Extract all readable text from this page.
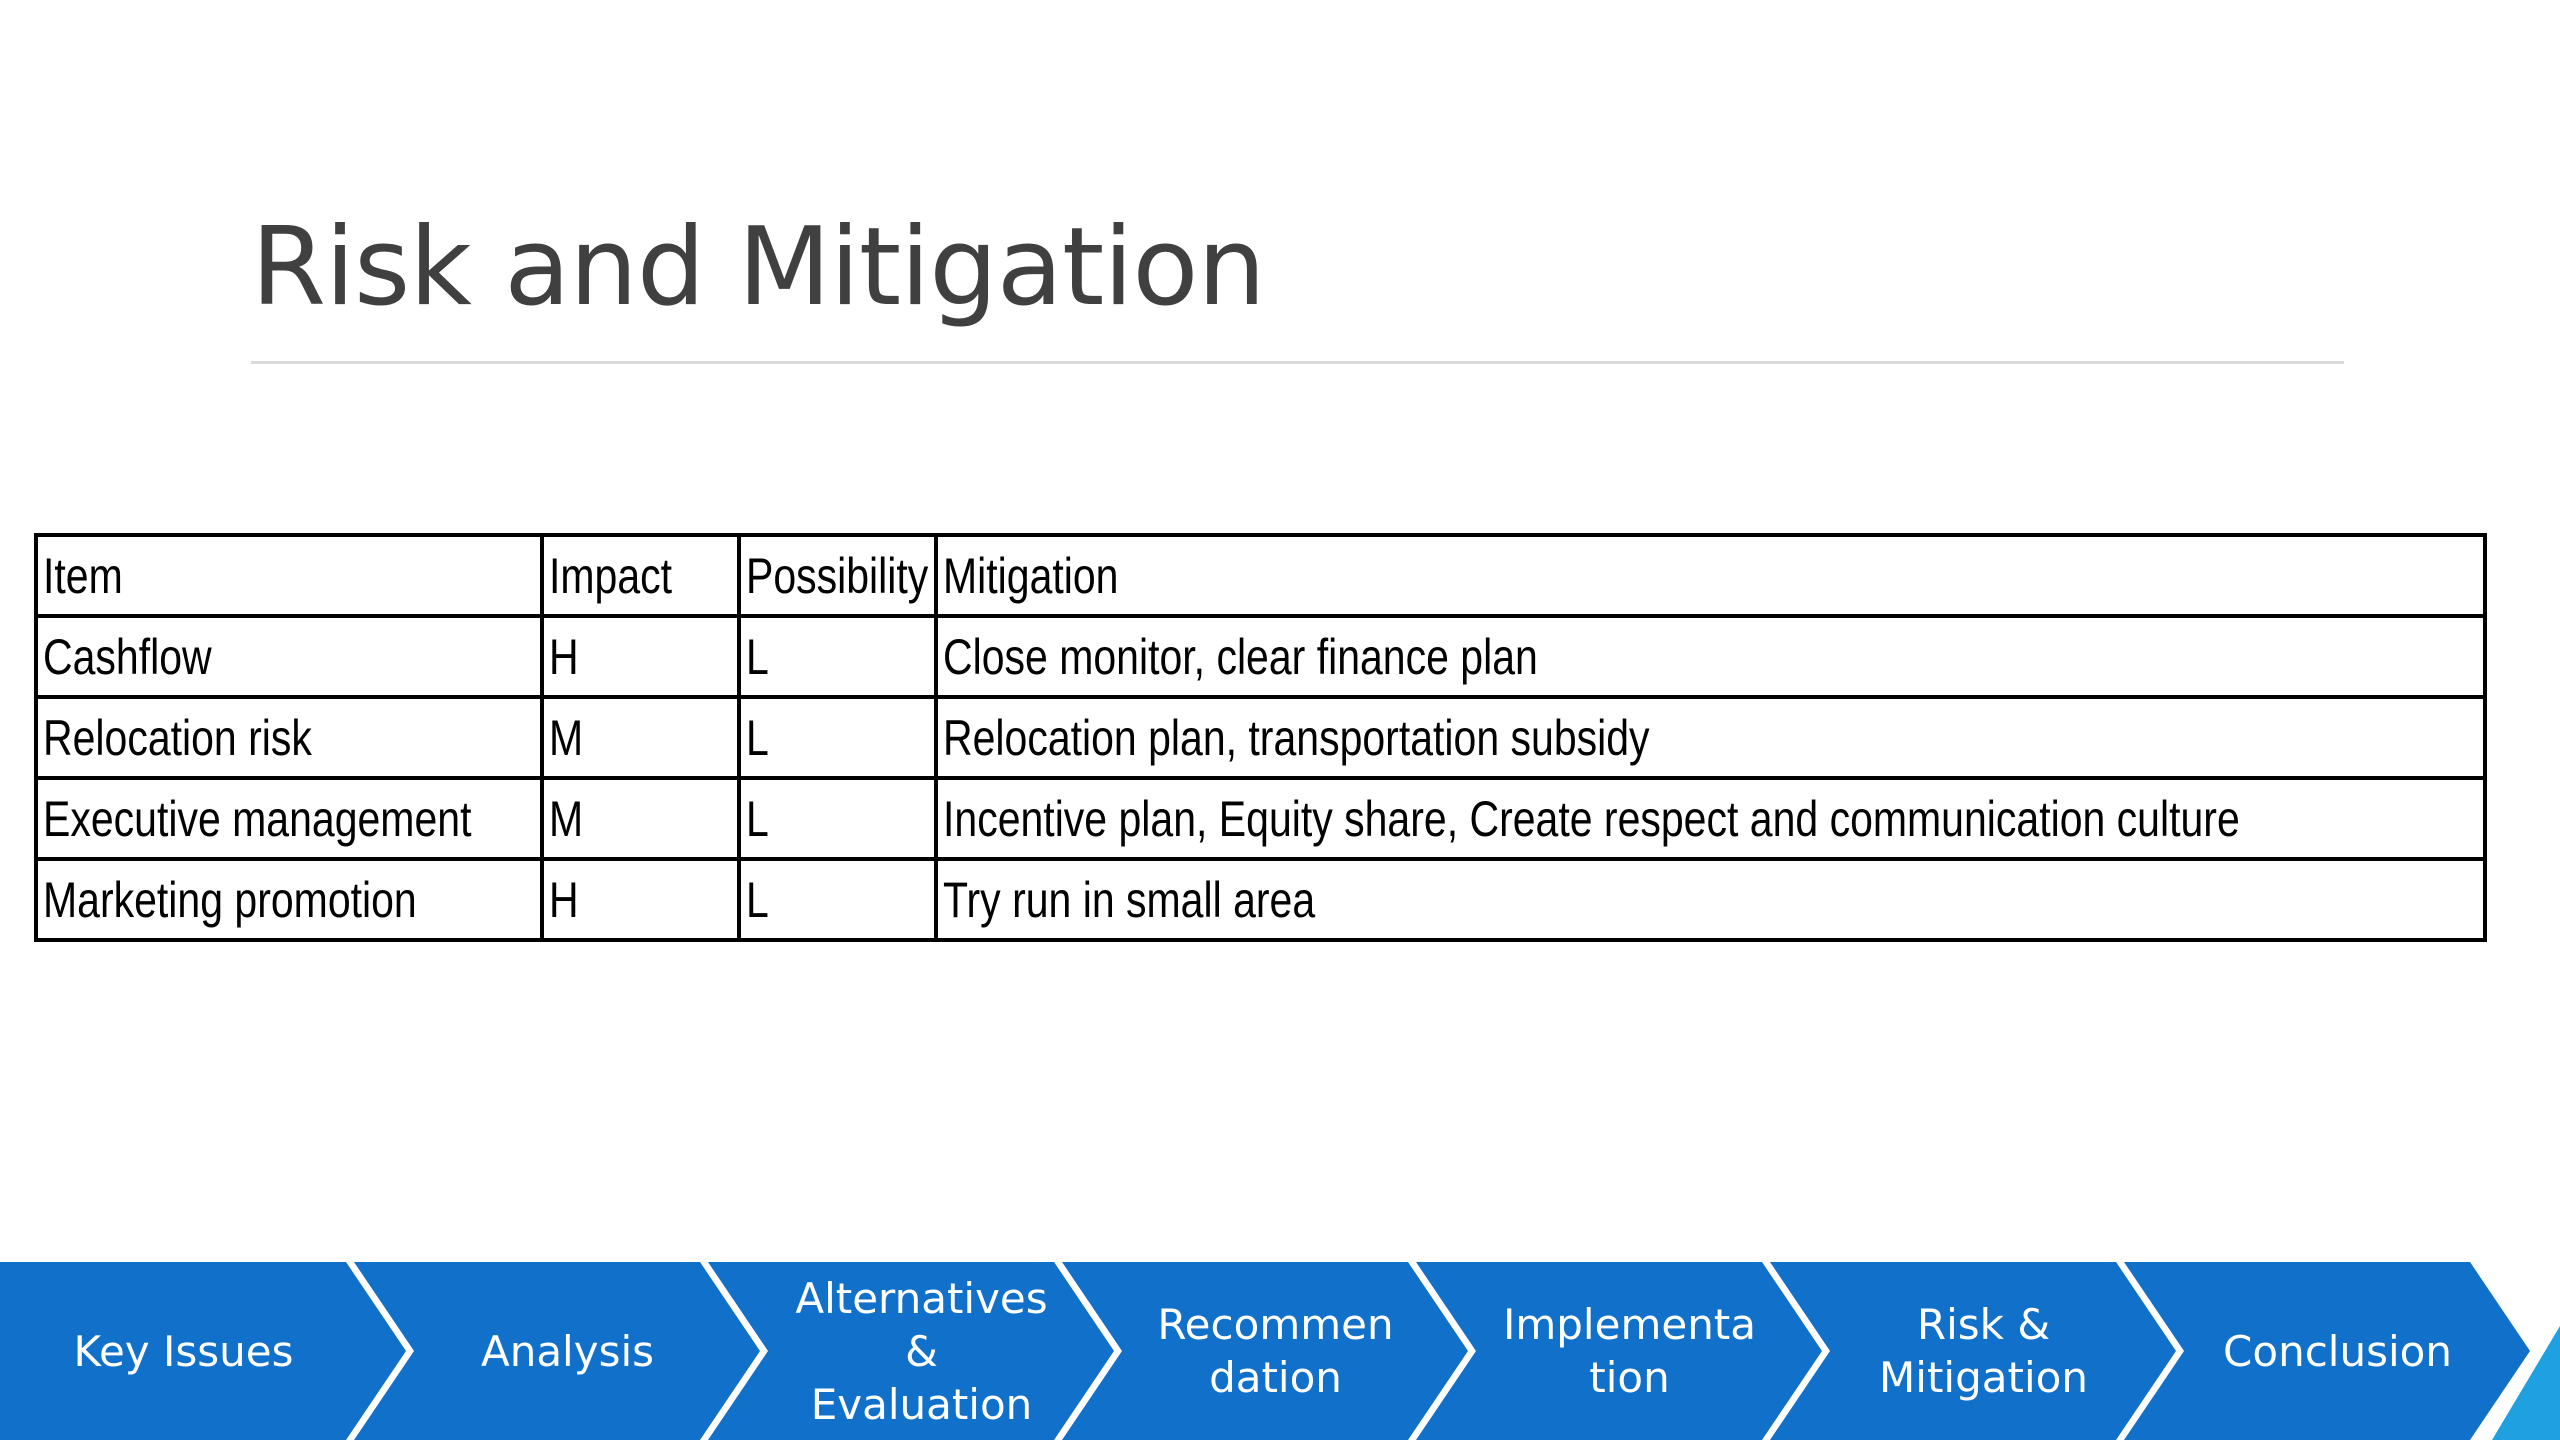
Risk and Mitigation
Item	Impact	Possibility	Mitigation
Cashflow	H	L	Close monitor, clear finance plan
Relocation risk	M	L	Relocation plan, transportation subsidy
Executive management	M	L	Incentive plan, Equity share, Create respect and communication culture
Marketing promotion	H	L	Try run in small area
Key Issues	Analysis
Alternatives
&
Evaluation
Recommen
dation
Implementa
tion
Risk &
Mitigation
Conclusion
